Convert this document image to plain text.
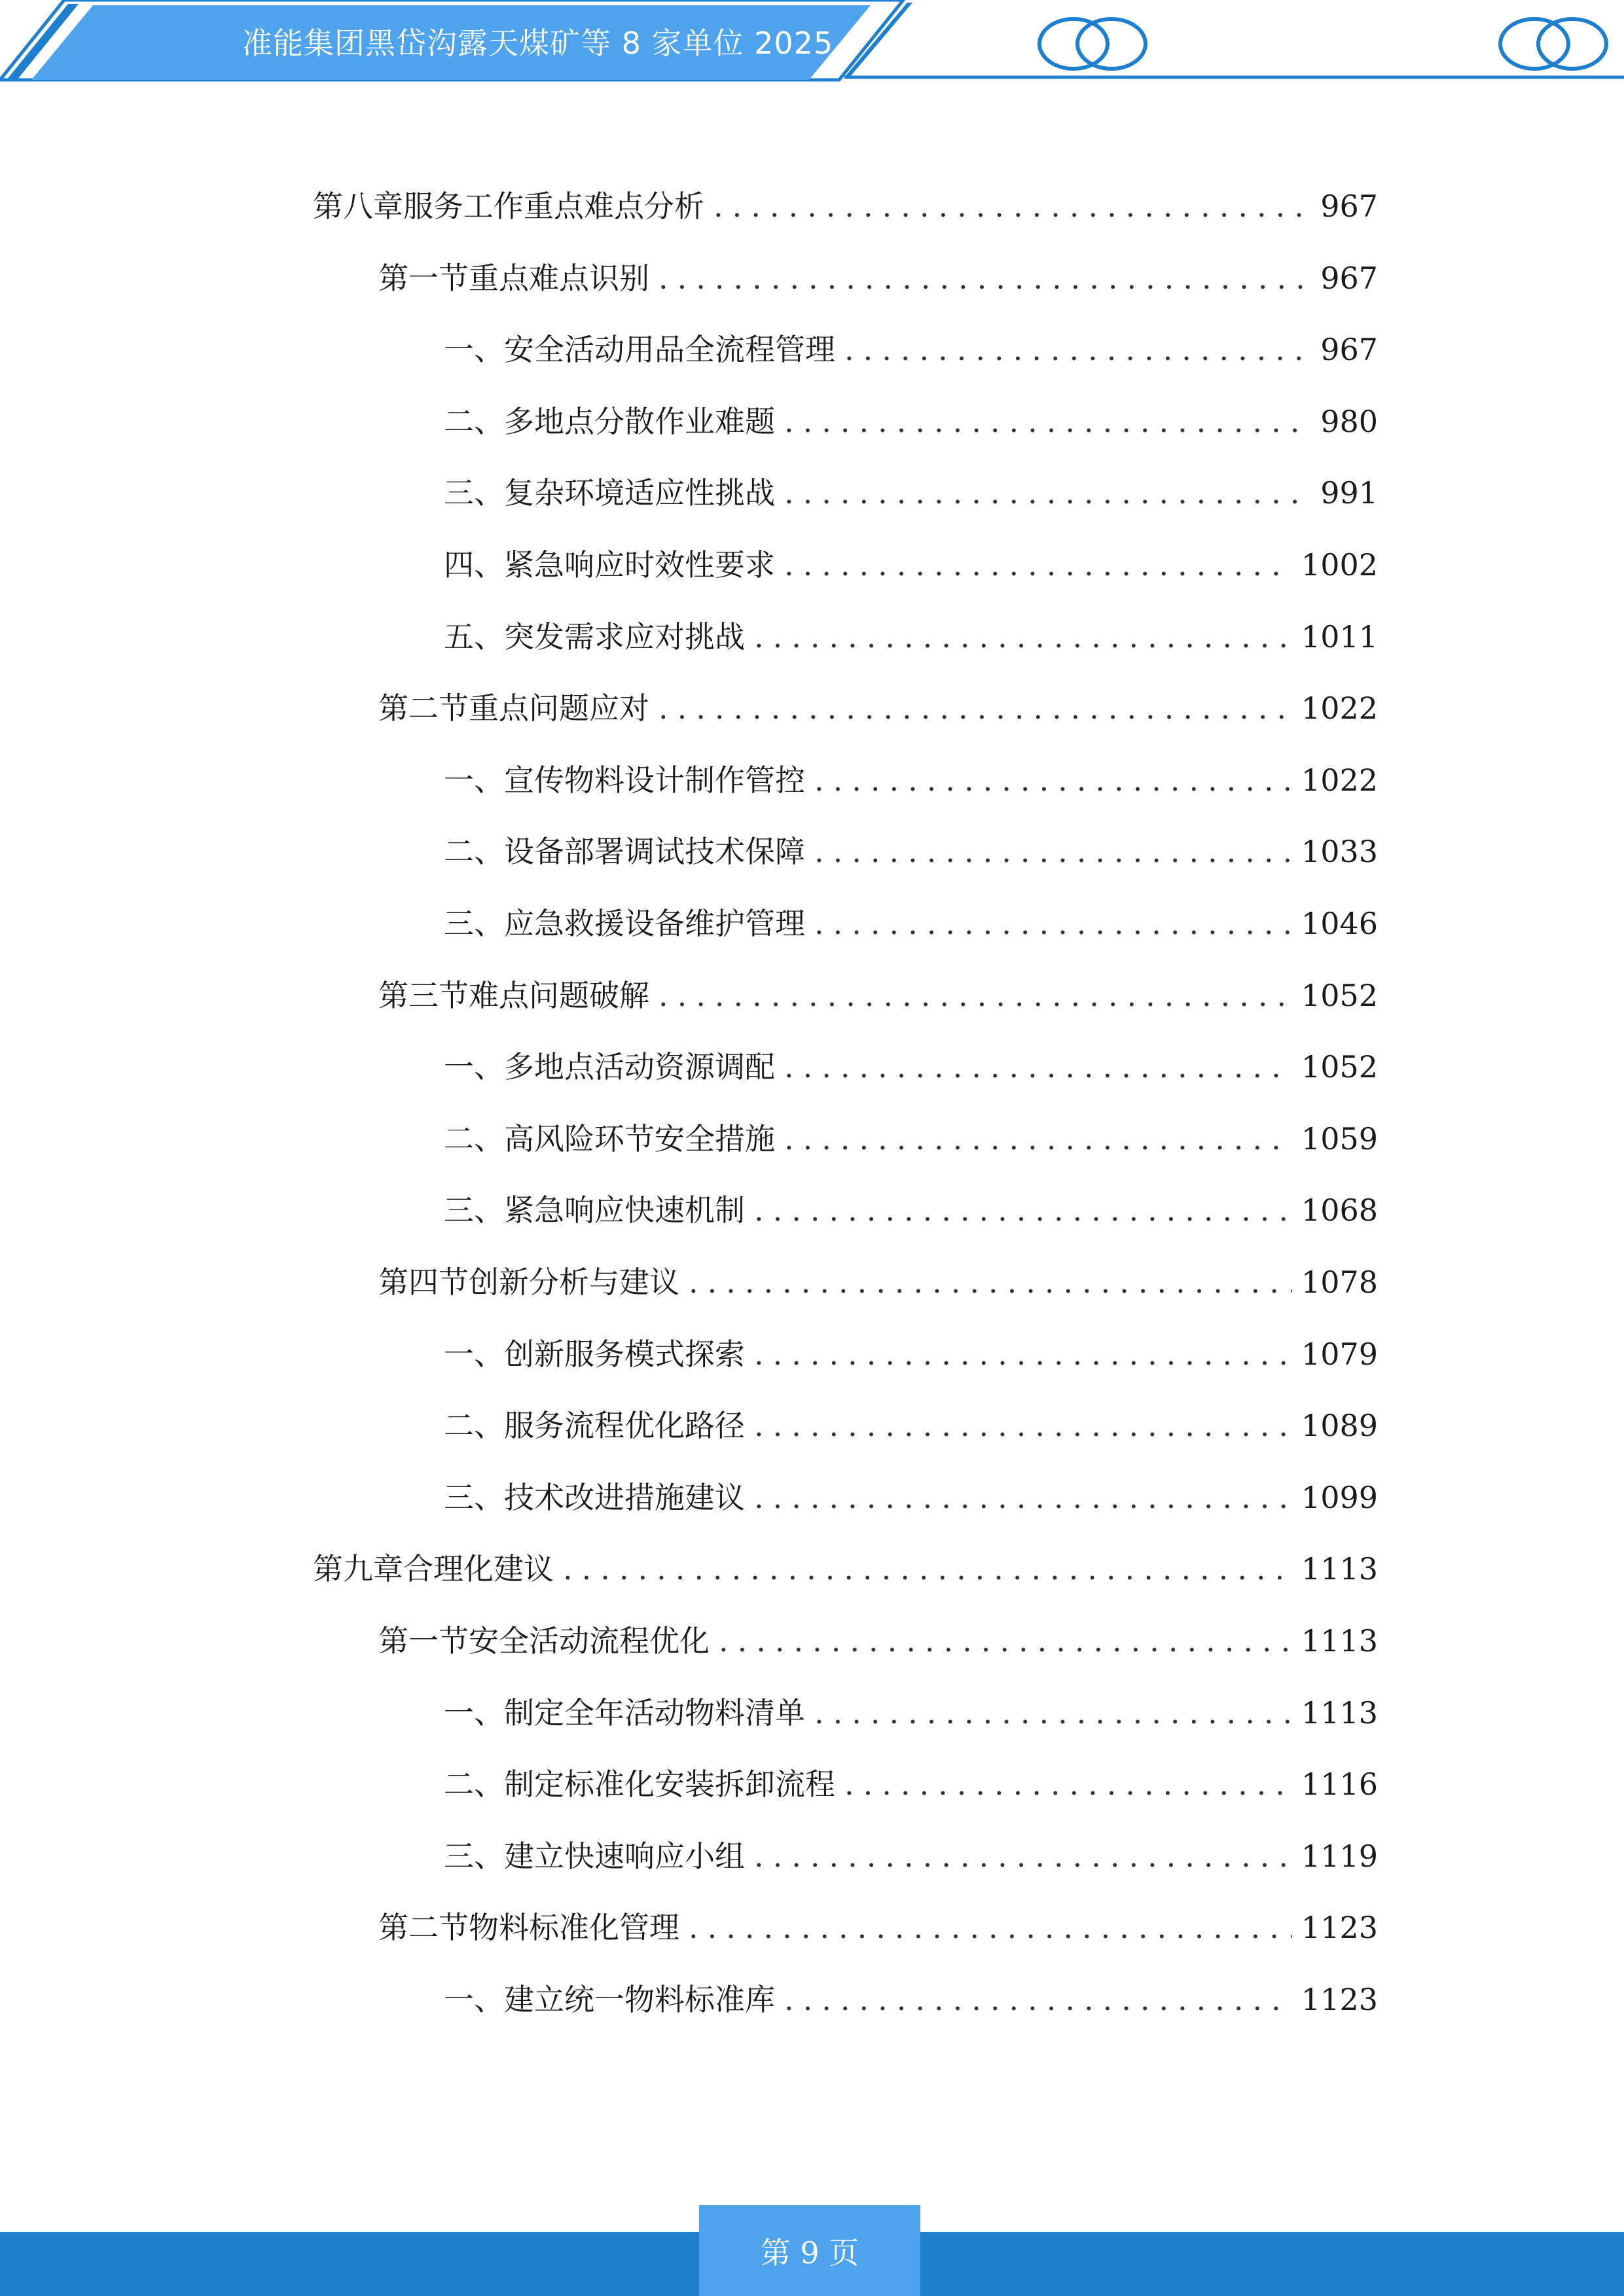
准能集团黑岱沟露天煤矿等 8 家单位 2025
第八章 服务工作重点难点分析 .....	967
第一节 重点难点识别 .....	967
一、 安全活动用品全流程管理 .....	967
二、 多地点分散作业难题 .....	980
三、 复杂环境适应性挑战 .....	991
四、 紧急响应时效性要求 .....	1002
五、 突发需求应对挑战 .....	1011
第二节 重点问题应对 .....	1022
一、 宣传物料设计制作管控 .....	1022
二、 设备部署调试技术保障 .....	1033
三、 应急救援设备维护管理 .....	1046
第三节 难点问题破解 .....	1052
一、 多地点活动资源调配 .....	1052
二、 高风险环节安全措施 .....	1059
三、 紧急响应快速机制 .....	1068
第四节 创新分析与建议 .....	1078
一、 创新服务模式探索 .....	1079
二、 服务流程优化路径 .....	1089
三、 技术改进措施建议 .....	1099
第九章 合理化建议 .....	1113
第一节 安全活动流程优化 .....	1113
一、 制定全年活动物料清单 .....	1113
二、 制定标准化安装拆卸流程 .....	1116
三、 建立快速响应小组 .....	1119
第二节 物料标准化管理 .....	1123
一、 建立统一物料标准库 .....	1123
第 9 页
